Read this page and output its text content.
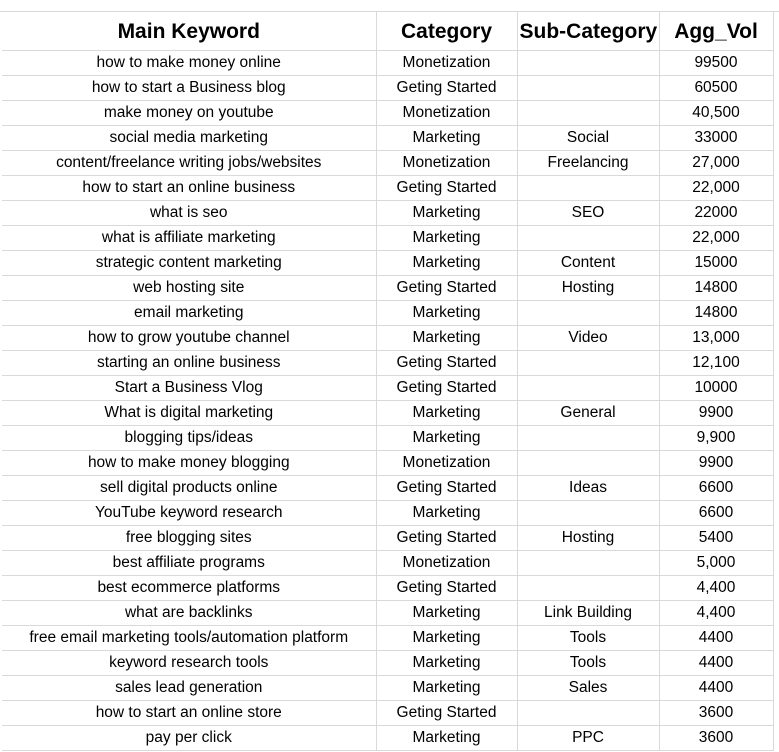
Main Keyword	Category	Sub-Category	Agg_Vol
how to make money online	Monetization		99500
how to start a Business blog	Geting Started		60500
make money on youtube	Monetization		40,500
social media marketing	Marketing	Social	33000
content/freelance writing jobs/websites	Monetization	Freelancing	27,000
how to start an online business	Geting Started		22,000
what is seo	Marketing	SEO	22000
what is affiliate marketing	Marketing		22,000
strategic content marketing	Marketing	Content	15000
web hosting site	Geting Started	Hosting	14800
email marketing	Marketing		14800
how to grow youtube channel	Marketing	Video	13,000
starting an online business	Geting Started		12,100
Start a Business Vlog	Geting Started		10000
What is digital marketing	Marketing	General	9900
blogging tips/ideas	Marketing		9,900
how to make money blogging	Monetization		9900
sell digital products online	Geting Started	Ideas	6600
YouTube keyword research	Marketing		6600
free blogging sites	Geting Started	Hosting	5400
best affiliate programs	Monetization		5,000
best ecommerce platforms	Geting Started		4,400
what are backlinks	Marketing	Link Building	4,400
free email marketing tools/automation platform	Marketing	Tools	4400
keyword research tools	Marketing	Tools	4400
sales lead generation	Marketing	Sales	4400
how to start an online store	Geting Started		3600
pay per click	Marketing	PPC	3600
